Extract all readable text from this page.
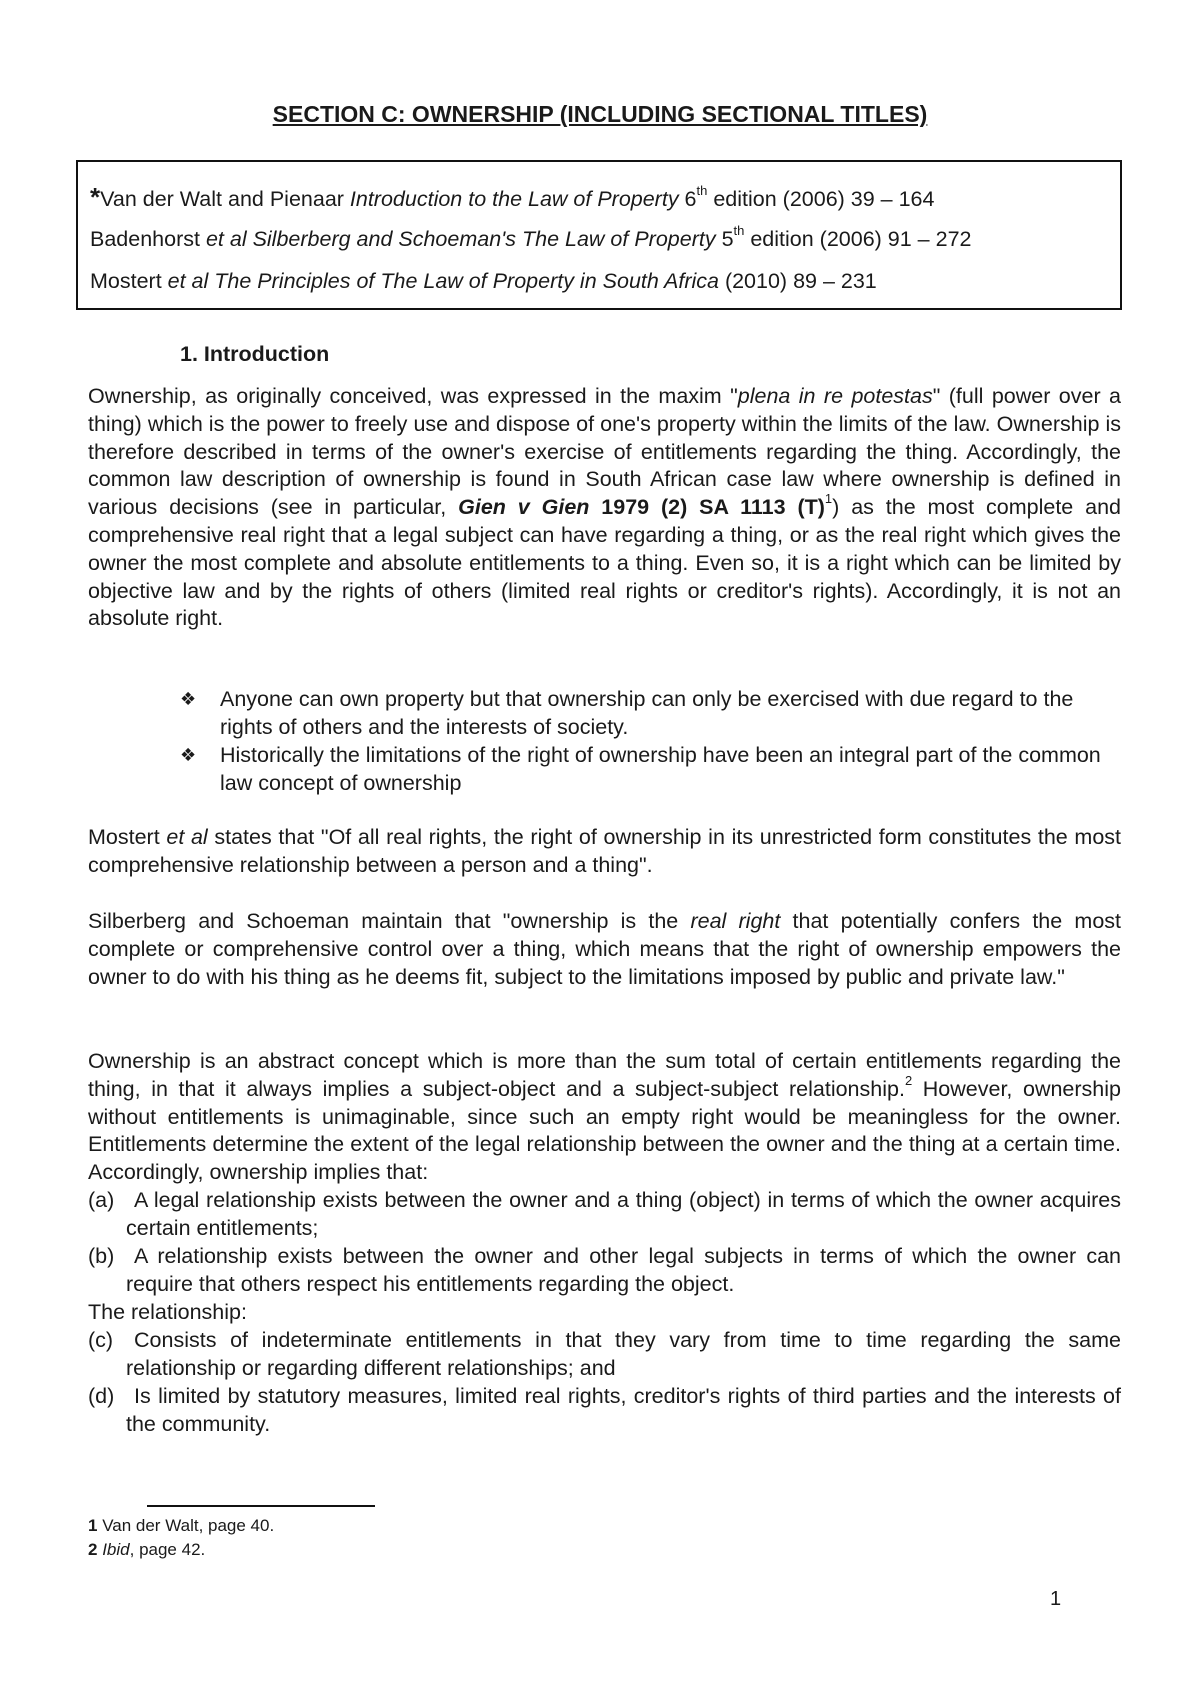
SECTION C: OWNERSHIP (INCLUDING SECTIONAL TITLES)
*Van der Walt and Pienaar Introduction to the Law of Property 6th edition (2006) 39 – 164
Badenhorst et al Silberberg and Schoeman's The Law of Property 5th edition (2006) 91 – 272
Mostert et al The Principles of The Law of Property in South Africa (2010) 89 – 231
1. Introduction

Ownership, as originally conceived, was expressed in the maxim "plena in re potestas" (full power over a thing) which is the power to freely use and dispose of one's property within the limits of the law. Ownership is therefore described in terms of the owner's exercise of entitlements regarding the thing. Accordingly, the common law description of ownership is found in South African case law where ownership is defined in various decisions (see in particular, Gien v Gien 1979 (2) SA 1113 $(T)^1$) as the most complete and comprehensive real right that a legal subject can have regarding a thing, or as the real right which gives the owner the most complete and absolute entitlements to a thing. Even so, it is a right which can be limited by objective law and by the rights of others (limited real rights or creditor's rights). Accordingly, it is not an absolute right.

❖	Anyone can own property but that ownership can only be exercised with due regard to the rights of others and the interests of society.
❖	Historically the limitations of the right of ownership have been an integral part of the common law concept of ownership

Mostert et al states that "Of all real rights, the right of ownership in its unrestricted form constitutes the most comprehensive relationship between a person and a thing".

Silberberg and Schoeman maintain that "ownership is the real right that potentially confers the most complete or comprehensive control over a thing, which means that the right of ownership empowers the owner to do with his thing as he deems fit, subject to the limitations imposed by public and private law."

Ownership is an abstract concept which is more than the sum total of certain entitlements regarding the thing, in that it always implies a subject-object and a subject-subject relationship.$^2$ However, ownership without entitlements is unimaginable, since such an empty right would be meaningless for the owner. Entitlements determine the extent of the legal relationship between the owner and the thing at a certain time. Accordingly, ownership implies that:

(a) A legal relationship exists between the owner and a thing (object) in terms of which the owner acquires certain entitlements;
(b) A relationship exists between the owner and other legal subjects in terms of which the owner can require that others respect his entitlements regarding the object.
The relationship:
(c) Consists of indeterminate entitlements in that they vary from time to time regarding the same relationship or regarding different relationships; and
(d) Is limited by statutory measures, limited real rights, creditor's rights of third parties and the interests of the community.
1 Van der Walt, page 40.
2 Ibid, page 42.
1
